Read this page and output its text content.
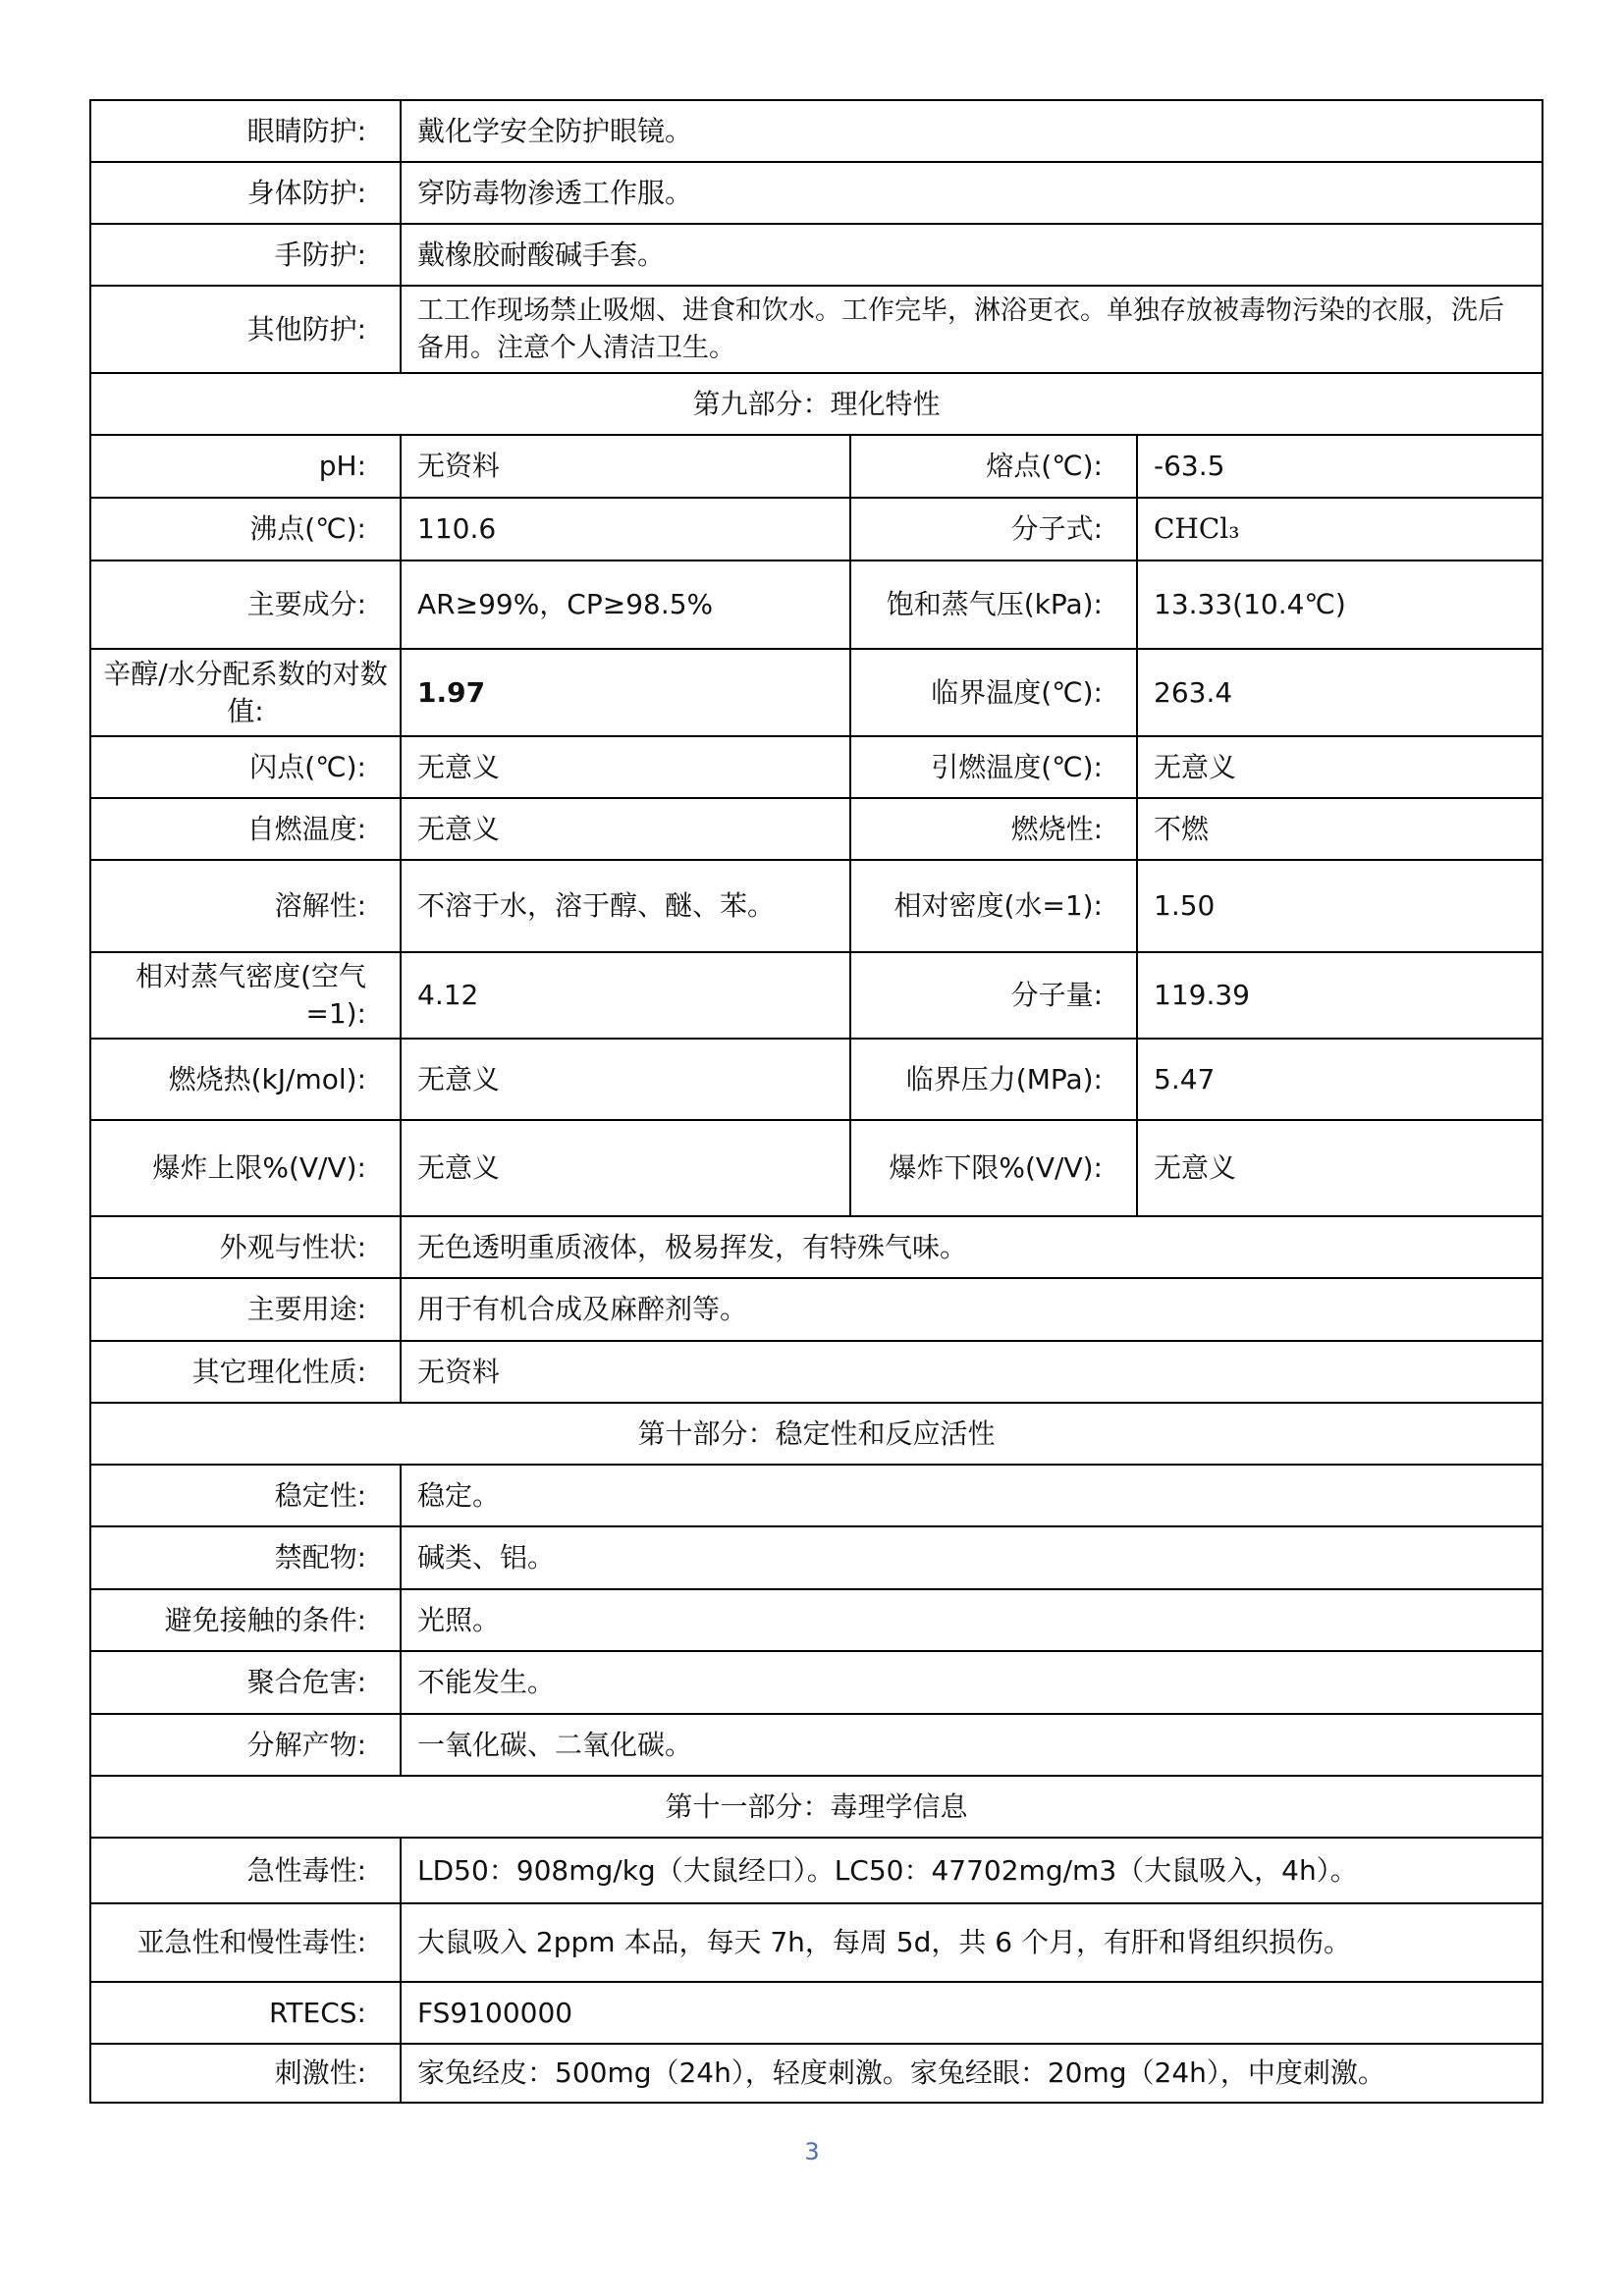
眼睛防护:	戴化学安全防护眼镜。		
身体防护:	穿防毒物渗透工作服。		
手防护:	戴橡胶耐酸碱手套。		
其他防护:	工工作现场禁止吸烟、进食和饮水。工作完毕，淋浴更衣。单独存放被毒物污染的衣服，洗后备用。注意个人清洁卫生。		
第九部分：理化特性			
pH:	无资料	熔点(℃):	-63.5
沸点(℃):	110.6	分子式:	CHCl₃
主要成分:	AR≥99%，CP≥98.5%	饱和蒸气压(kPa):	13.33(10.4℃)
辛醇/水分配系数的对数值:	1.97	临界温度(℃):	263.4
闪点(℃):	无意义	引燃温度(℃):	无意义
自燃温度:	无意义	燃烧性:	不燃
溶解性:	不溶于水，溶于醇、醚、苯。	相对密度(水=1):	1.50
相对蒸气密度(空气=1):	4.12	分子量:	119.39
燃烧热(kJ/mol):	无意义	临界压力(MPa):	5.47
爆炸上限%(V/V):	无意义	爆炸下限%(V/V):	无意义
外观与性状:	无色透明重质液体，极易挥发，有特殊气味。		
主要用途:	用于有机合成及麻醉剂等。		
其它理化性质:	无资料		
第十部分：稳定性和反应活性			
稳定性:	稳定。		
禁配物:	碱类、铝。		
避免接触的条件:	光照。		
聚合危害:	不能发生。		
分解产物:	一氧化碳、二氧化碳。		
第十一部分：毒理学信息			
急性毒性:	LD50：908mg/kg（大鼠经口）。LC50：47702mg/m3（大鼠吸入，4h）。		
亚急性和慢性毒性:	大鼠吸入 2ppm 本品，每天 7h，每周 5d，共 6 个月，有肝和肾组织损伤。		
RTECS:	FS9100000		
刺激性:	家兔经皮：500mg（24h），轻度刺激。家兔经眼：20mg（24h），中度刺激。		
3
